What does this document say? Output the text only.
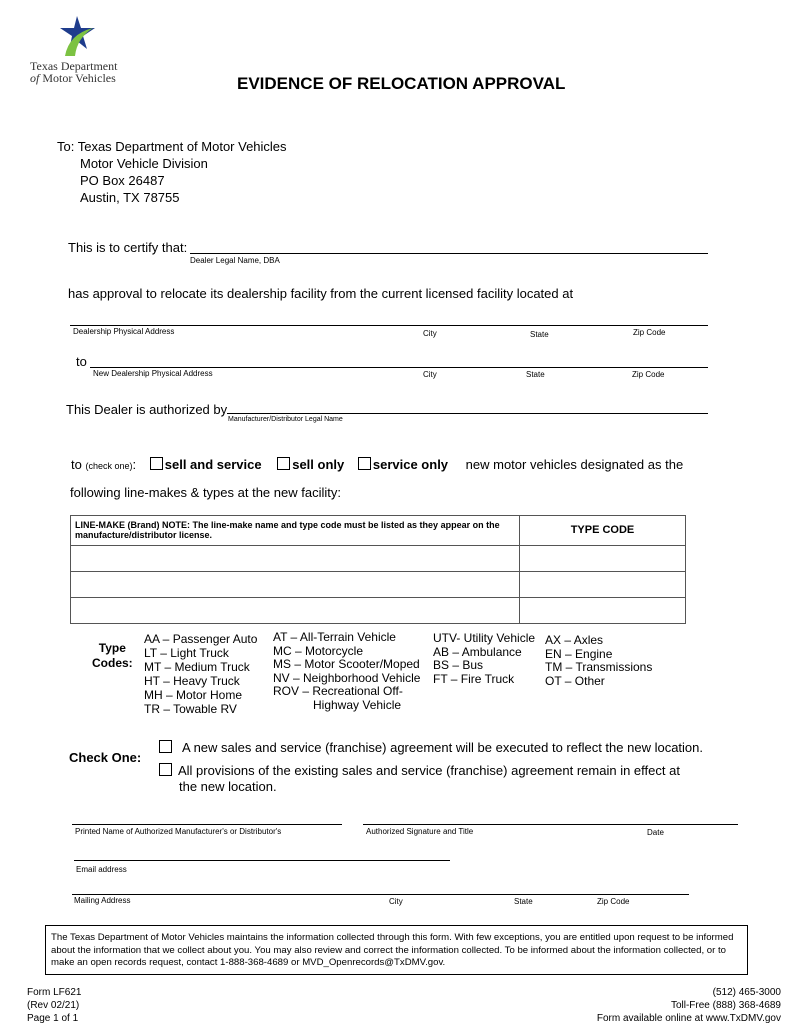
Texas Department
of Motor Vehicles	EVIDENCE OF RELOCATION APPROVAL
To: Texas Department of Motor Vehicles
Motor Vehicle Division
PO Box 26487
Austin, TX 78755
This is to certify that:
Dealer Legal Name, DBA
has approval to relocate its dealership facility from the current licensed facility located at
Dealership Physical Address	City	State	Zip Code
to
New Dealership Physical Address	City	State	Zip Code
This Dealer is authorized by
Manufacturer/Distributor Legal Name
to (check one): sell and service sell only service only new motor vehicles designated as the
following line-makes & types at the new facility:
LINE-MAKE (Brand) NOTE: The line-make name and type code must be listed as they appear on the manufacture/distributor license.	TYPE CODE

Type
Codes:
AA – Passenger Auto
LT – Light Truck
MT – Medium Truck
HT – Heavy Truck
MH – Motor Home
TR – Towable RV
AT – All-Terrain Vehicle
MC – Motorcycle
MS – Motor Scooter/Moped
NV – Neighborhood Vehicle
ROV – Recreational Off-
Highway Vehicle
UTV- Utility Vehicle
AB – Ambulance
BS – Bus
FT – Fire Truck
AX – Axles
EN – Engine
TM – Transmissions
OT – Other
Check One:
A new sales and service (franchise) agreement will be executed to reflect the new location.
All provisions of the existing sales and service (franchise) agreement remain in effect at
the new location.
Printed Name of Authorized Manufacturer's or Distributor's	Authorized Signature and Title	Date
Email address
Mailing Address	City	State	Zip Code
The Texas Department of Motor Vehicles maintains the information collected through this form. With few exceptions, you are entitled upon request to be informed about the information that we collect about you. You may also review and correct the information collected. To be informed about the information collected, or to make an open records request, contact 1-888-368-4689 or MVD_Openrecords@TxDMV.gov.
Form LF621
(Rev 02/21)
Page 1 of 1
(512) 465-3000
Toll-Free (888) 368-4689
Form available online at www.TxDMV.gov
